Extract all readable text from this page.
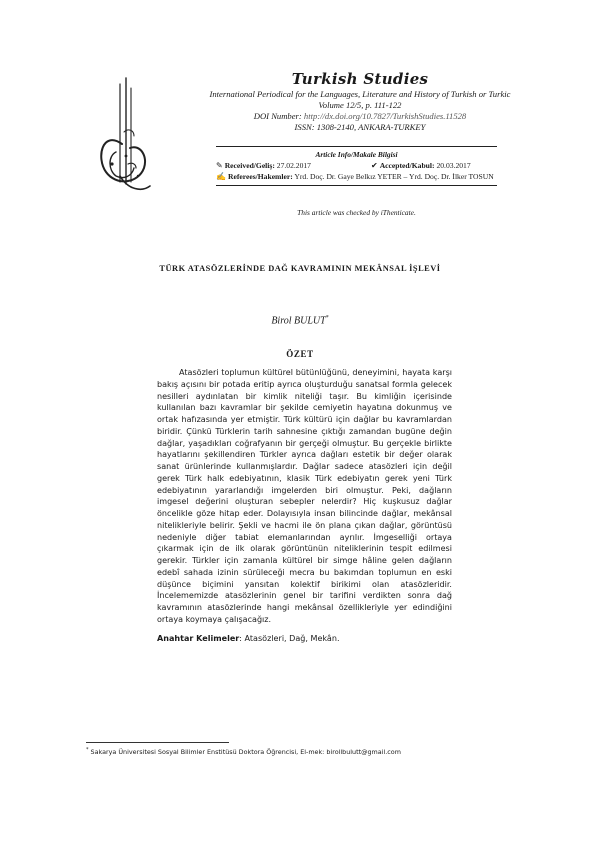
Turkish Studies
International Periodical for the Languages, Literature and History of Turkish or Turkic
Volume 12/5, p. 111-122
DOI Number: http://dx.doi.org/10.7827/TurkishStudies.11528
ISSN: 1308-2140, ANKARA-TURKEY
Article Info/Makale Bilgisi
✎ Received/Geliş: 27.02.2017	✔ Accepted/Kabul: 20.03.2017
✍ Referees/Hakemler: Yrd. Doç. Dr. Gaye Belkız YETER – Yrd. Doç. Dr. İlker TOSUN
This article was checked by iThenticate.
TÜRK ATASÖZLERİNDE DAĞ KAVRAMININ MEKÂNSAL İŞLEVİ
Birol BULUT*
ÖZET

Atasözleri toplumun kültürel bütünlüğünü, deneyimini, hayata karşı bakış açısını bir potada eritip ayrıca oluşturduğu sanatsal formla gelecek nesilleri aydınlatan bir kimlik niteliği taşır. Bu kimliğin içerisinde kullanılan bazı kavramlar bir şekilde cemiyetin hayatına dokunmuş ve ortak hafızasında yer etmiştir. Türk kültürü için dağlar bu kavramlardan biridir. Çünkü Türklerin tarih sahnesine çıktığı zamandan bugüne değin dağlar, yaşadıkları coğrafyanın bir gerçeği olmuştur. Bu gerçekle birlikte hayatlarını şekillendiren Türkler ayrıca dağları estetik bir değer olarak sanat ürünlerinde kullanmışlardır. Dağlar sadece atasözleri için değil gerek Türk halk edebiyatının, klasik Türk edebiyatın gerek yeni Türk edebiyatının yararlandığı imgelerden biri olmuştur. Peki, dağların imgesel değerini oluşturan sebepler nelerdir? Hiç kuşkusuz dağlar öncelikle göze hitap eder. Dolayısıyla insan bilincinde dağlar, mekânsal nitelikleriyle belirir. Şekli ve hacmi ile ön plana çıkan dağlar, görüntüsü nedeniyle diğer tabiat elemanlarından ayrılır. İmgeselliği ortaya çıkarmak için de ilk olarak görüntünün niteliklerinin tespit edilmesi gerekir. Türkler için zamanla kültürel bir simge hâline gelen dağların edebî sahada izinin sürüleceği mecra bu bakımdan toplumun en eski düşünce biçimini yansıtan kolektif birikimi olan atasözleridir. İncelememizde atasözlerinin genel bir tarifini verdikten sonra dağ kavramının atasözlerinde hangi mekânsal özellikleriyle yer edindiğini ortaya koymaya çalışacağız.

Anahtar Kelimeler: Atasözleri, Dağ, Mekân.
* Sakarya Üniversitesi Sosyal Bilimler Enstitüsü Doktora Öğrencisi, El-mek: birollbulutt@gmail.com
